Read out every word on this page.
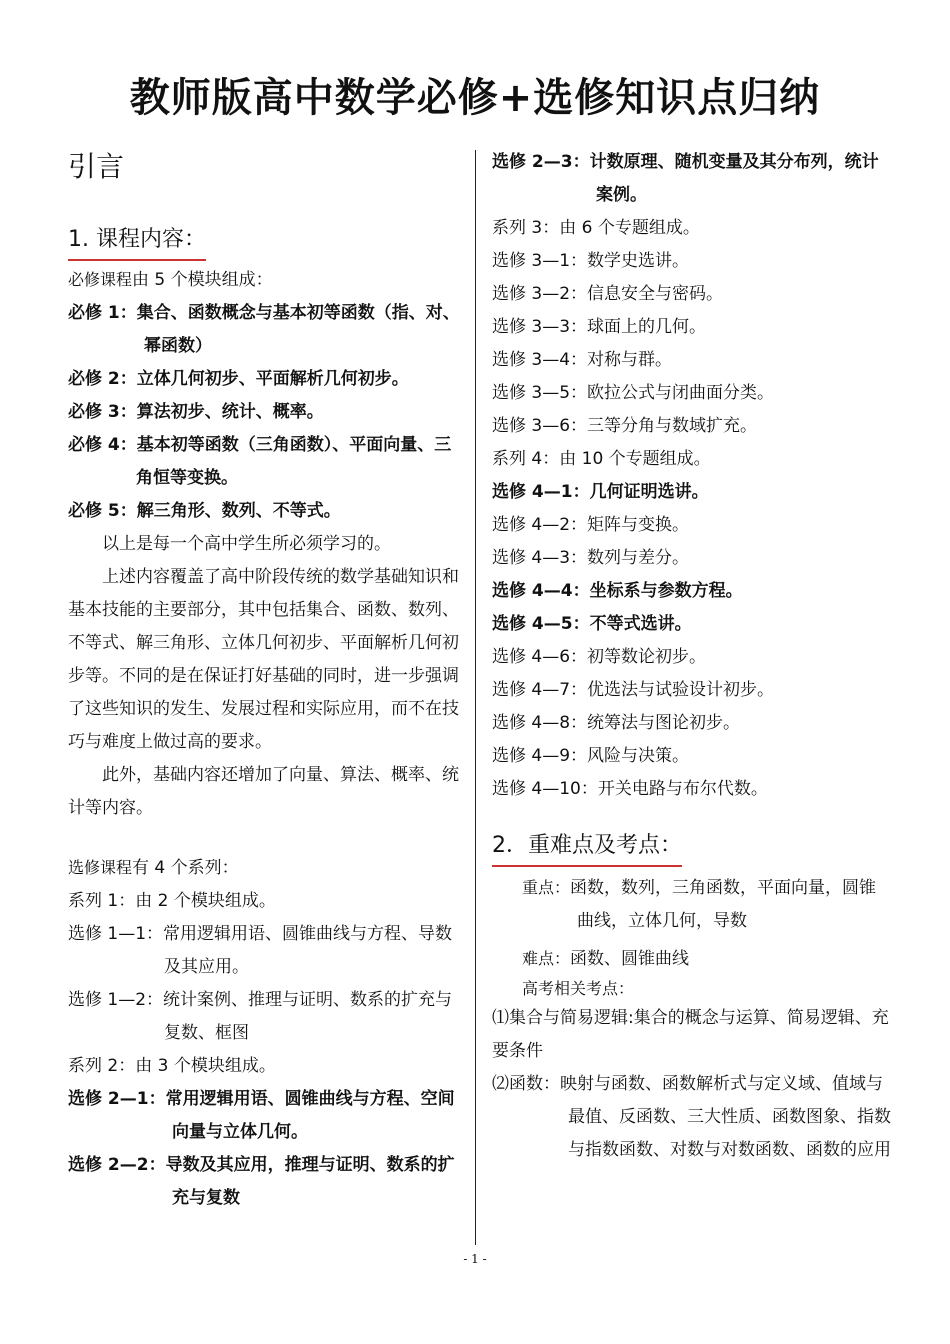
教师版高中数学必修+选修知识点归纳
引言
1. 课程内容：
必修课程由 5 个模块组成：
必修 1：集合、函数概念与基本初等函数（指、对、幂函数）
必修 2：立体几何初步、平面解析几何初步。
必修 3：算法初步、统计、概率。
必修 4：基本初等函数（三角函数）、平面向量、三角恒等变换。
必修 5：解三角形、数列、不等式。

以上是每一个高中学生所必须学习的。

上述内容覆盖了高中阶段传统的数学基础知识和基本技能的主要部分，其中包括集合、函数、数列、不等式、解三角形、立体几何初步、平面解析几何初步等。不同的是在保证打好基础的同时，进一步强调了这些知识的发生、发展过程和实际应用，而不在技巧与难度上做过高的要求。

此外，基础内容还增加了向量、算法、概率、统计等内容。

选修课程有 4 个系列：
系列 1：由 2 个模块组成。
选修 1—1：常用逻辑用语、圆锥曲线与方程、导数及其应用。
选修 1—2：统计案例、推理与证明、数系的扩充与复数、框图
系列 2：由 3 个模块组成。
选修 2—1：常用逻辑用语、圆锥曲线与方程、空间向量与立体几何。
选修 2—2：导数及其应用，推理与证明、数系的扩充与复数
选修 2—3：计数原理、随机变量及其分布列，统计案例。
系列 3：由 6 个专题组成。
选修 3—1：数学史选讲。
选修 3—2：信息安全与密码。
选修 3—3：球面上的几何。
选修 3—4：对称与群。
选修 3—5：欧拉公式与闭曲面分类。
选修 3—6：三等分角与数域扩充。
系列 4：由 10 个专题组成。
选修 4—1：几何证明选讲。
选修 4—2：矩阵与变换。
选修 4—3：数列与差分。
选修 4—4：坐标系与参数方程。
选修 4—5：不等式选讲。
选修 4—6：初等数论初步。
选修 4—7：优选法与试验设计初步。
选修 4—8：统筹法与图论初步。
选修 4—9：风险与决策。
选修 4—10：开关电路与布尔代数。
2．重难点及考点：
重点：函数，数列，三角函数，平面向量，圆锥曲线，立体几何，导数
难点：函数、圆锥曲线
高考相关考点：
⑴集合与简易逻辑:集合的概念与运算、简易逻辑、充要条件
⑵函数：映射与函数、函数解析式与定义域、值域与最值、反函数、三大性质、函数图象、指数与指数函数、对数与对数函数、函数的应用
- 1 -
